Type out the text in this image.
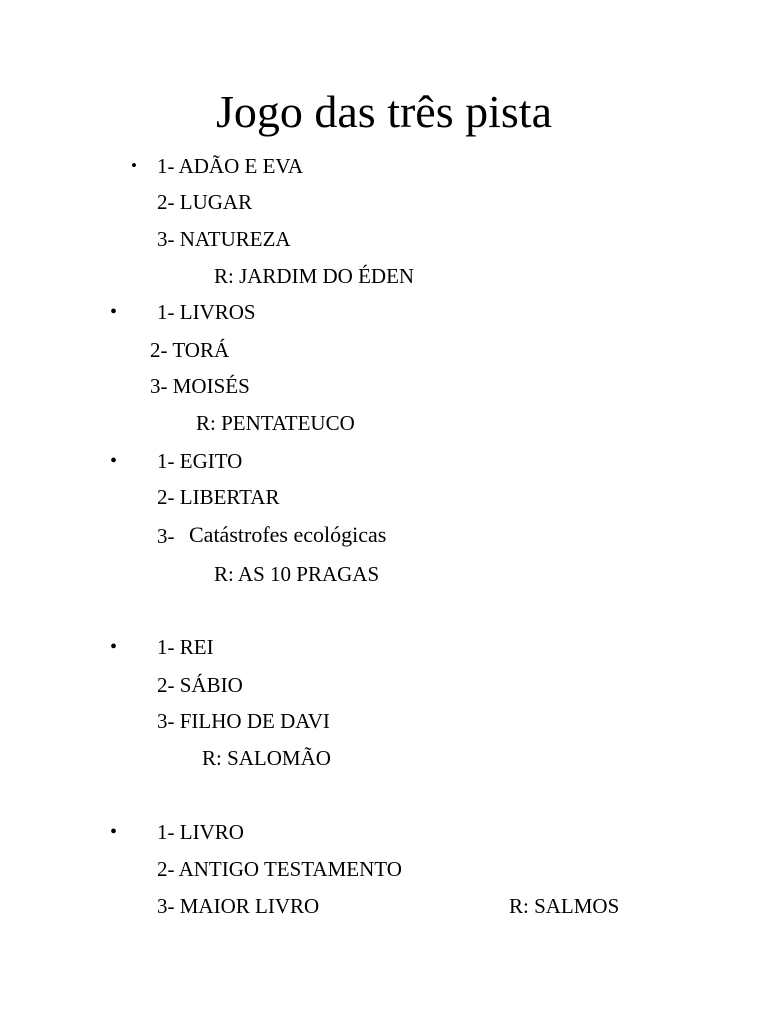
Jogo das três pista
• 1- ADÃO E EVA
2- LUGAR
3- NATUREZA
R: JARDIM DO ÉDEN
• 1- LIVROS
2- TORÁ
3- MOISÉS
R: PENTATEUCO
• 1- EGITO
2- LIBERTAR
3- Catástrofes ecológicas
R: AS 10 PRAGAS
• 1- REI
2- SÁBIO
3- FILHO DE DAVI
R: SALOMÃO
• 1- LIVRO
2- ANTIGO TESTAMENTO
3- MAIOR LIVRO	R: SALMOS
